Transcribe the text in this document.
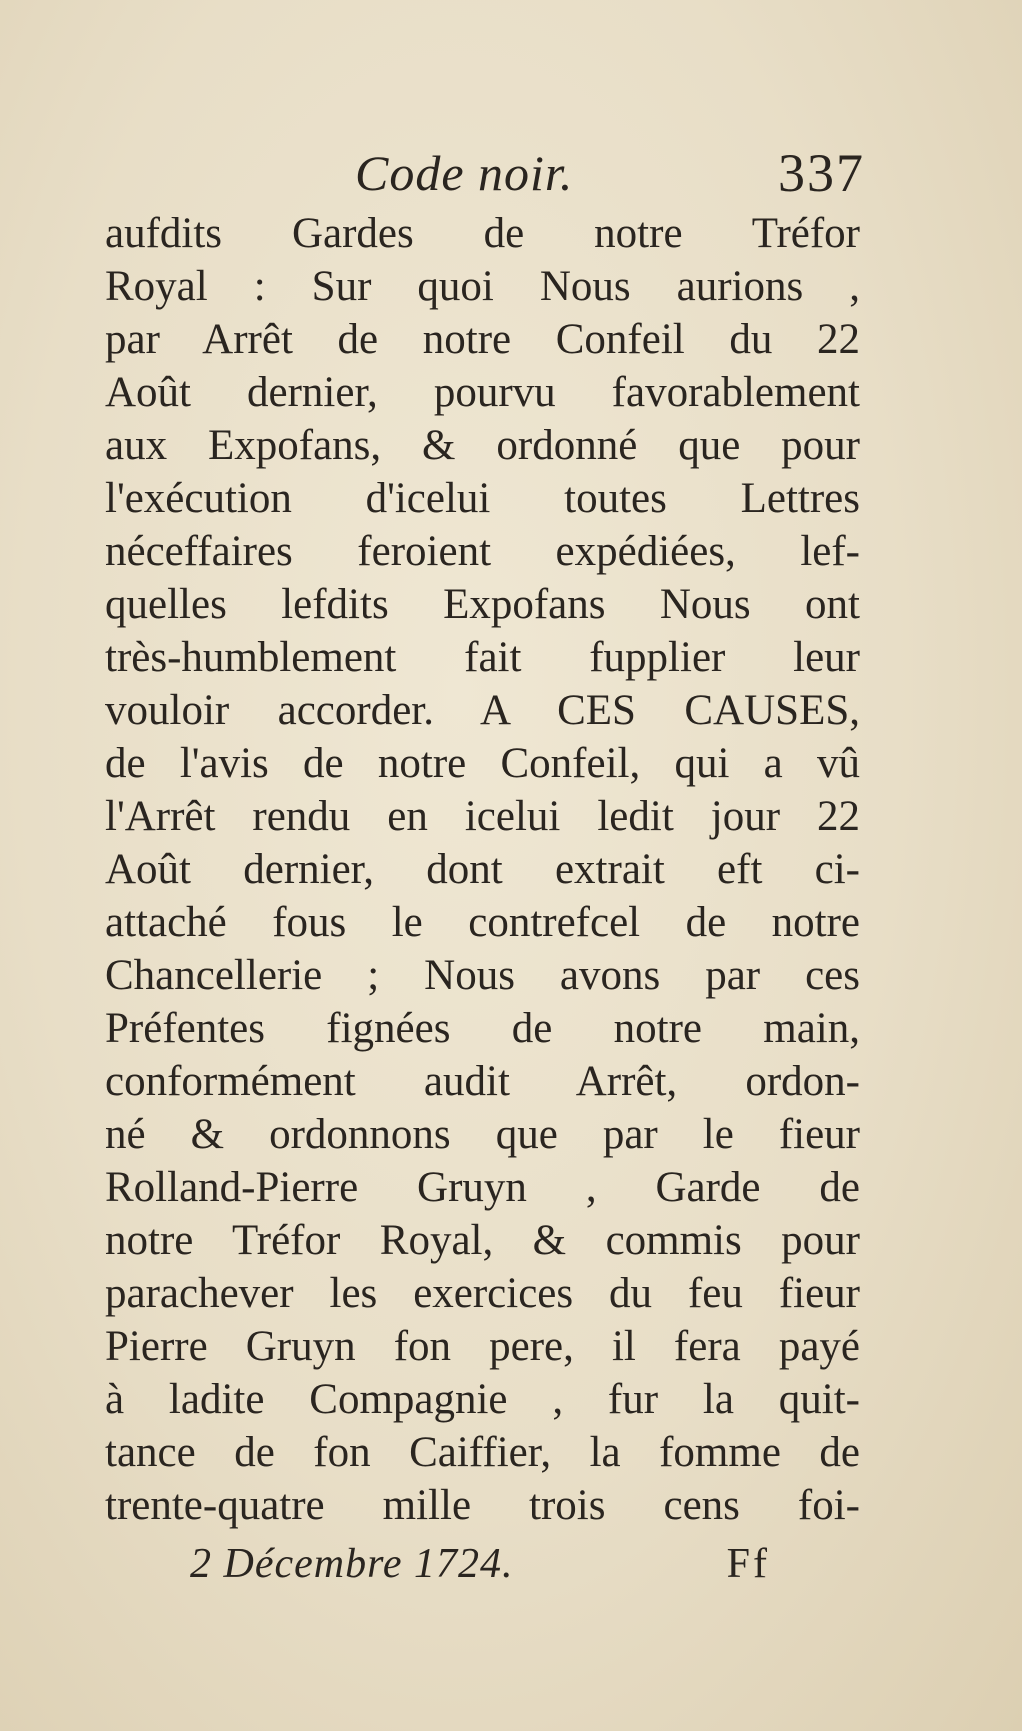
Code noir.	337
aufdits Gardes de notre Tréfor
Royal : Sur quoi Nous aurions ,
par Arrêt de notre Confeil du 22
Août dernier, pourvu favorablement
aux Expofans, & ordonné que pour
l'exécution d'icelui toutes Lettres
néceffaires feroient expédiées, lef-
quelles lefdits Expofans Nous ont
très-humblement fait fupplier leur
vouloir accorder. A CES CAUSES,
de l'avis de notre Confeil, qui a vû
l'Arrêt rendu en icelui ledit jour 22
Août dernier, dont extrait eft ci-
attaché fous le contrefcel de notre
Chancellerie ; Nous avons par ces
Préfentes fignées de notre main,
conformément audit Arrêt, ordon-
né & ordonnons que par le fieur
Rolland-Pierre Gruyn , Garde de
notre Tréfor Royal, & commis pour
parachever les exercices du feu fieur
Pierre Gruyn fon pere, il fera payé
à ladite Compagnie , fur la quit-
tance de fon Caiffier, la fomme de
trente-quatre mille trois cens foi-
2 Décembre 1724.	Ff
